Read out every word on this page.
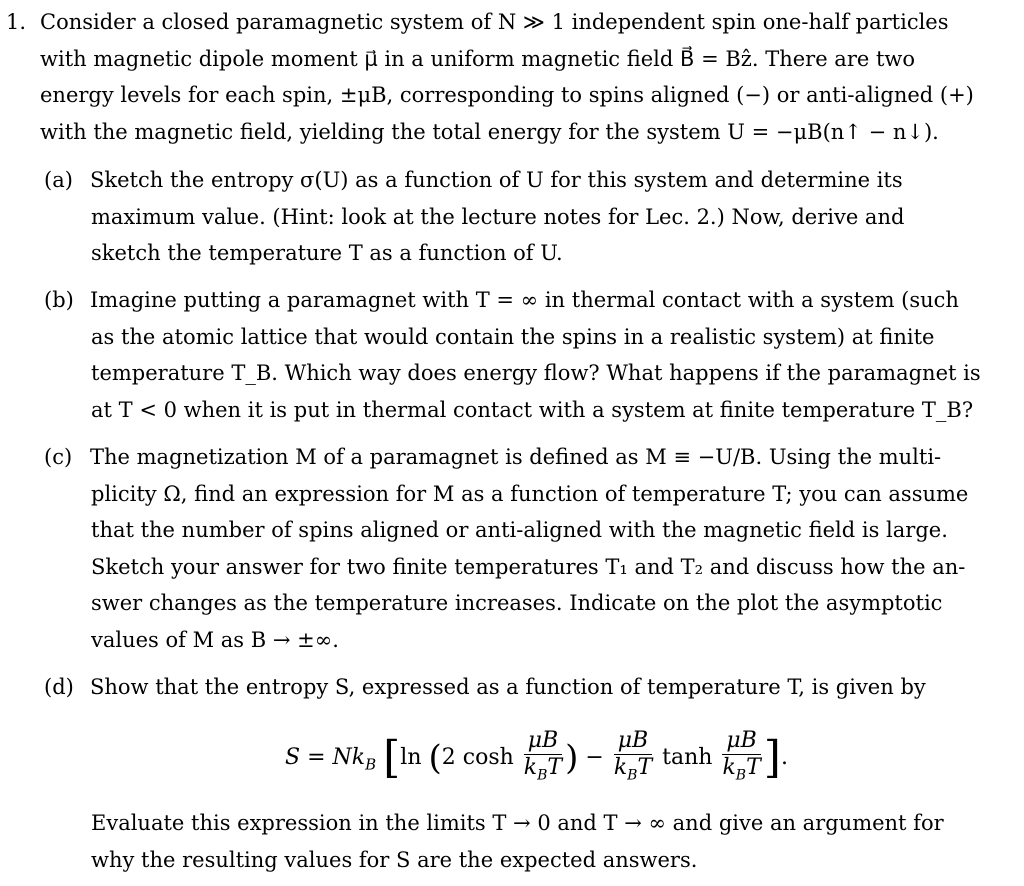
1. Consider a closed paramagnetic system of N ≫ 1 independent spin one-half particles
with magnetic dipole moment μ⃗ in a uniform magnetic field B⃗ = Bẑ. There are two
energy levels for each spin, ±μB, corresponding to spins aligned (−) or anti-aligned (+)
with the magnetic field, yielding the total energy for the system U = −μB(n↑ − n↓).
(a) Sketch the entropy σ(U) as a function of U for this system and determine its
maximum value. (Hint: look at the lecture notes for Lec. 2.) Now, derive and
sketch the temperature T as a function of U.
(b) Imagine putting a paramagnet with T = ∞ in thermal contact with a system (such
as the atomic lattice that would contain the spins in a realistic system) at finite
temperature T_B. Which way does energy flow? What happens if the paramagnet is
at T < 0 when it is put in thermal contact with a system at finite temperature T_B?
(c) The magnetization M of a paramagnet is defined as M ≡ −U/B. Using the multi-
plicity Ω, find an expression for M as a function of temperature T; you can assume
that the number of spins aligned or anti-aligned with the magnetic field is large.
Sketch your answer for two finite temperatures T₁ and T₂ and discuss how the an-
swer changes as the temperature increases. Indicate on the plot the asymptotic
values of M as B → ±∞.
(d) Show that the entropy S, expressed as a function of temperature T, is given by
$S = Nk_B$ [ln (2 $\cosh \frac{\mu B}{k_BT}$ ) − $\frac{\mu B}{k_BT}$ $\tanh \frac{\mu B}{k_BT}$ ].
Evaluate this expression in the limits T → 0 and T → ∞ and give an argument for
why the resulting values for S are the expected answers.
